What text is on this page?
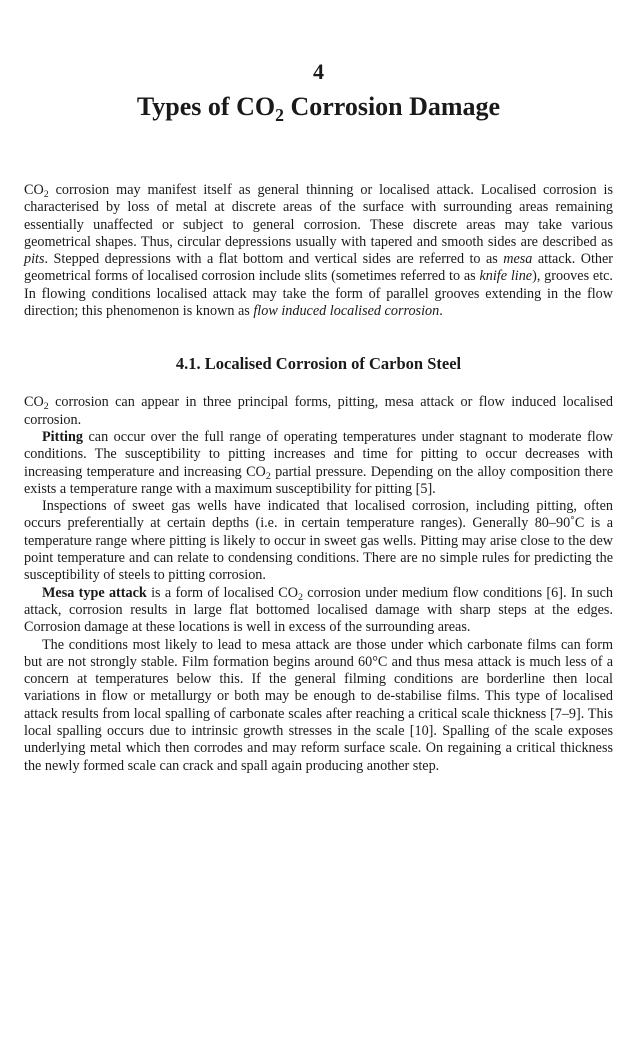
4
Types of $CO_2$ Corrosion Damage

$CO_2$ corrosion may manifest itself as general thinning or localised attack. Localised corrosion is characterised by loss of metal at discrete areas of the surface with surrounding areas remaining essentially unaffected or subject to general corrosion. These discrete areas may take various geometrical shapes. Thus, circular depressions usually with tapered and smooth sides are described as pits. Stepped depressions with a flat bottom and vertical sides are referred to as mesa attack. Other geometrical forms of localised corrosion include slits (sometimes referred to as knife line), grooves etc. In flowing conditions localised attack may take the form of parallel grooves extending in the flow direction; this phenomenon is known as flow induced localised corrosion.

4.1. Localised Corrosion of Carbon Steel

$CO_2$ corrosion can appear in three principal forms, pitting, mesa attack or flow induced localised corrosion.

Pitting can occur over the full range of operating temperatures under stagnant to moderate flow conditions. The susceptibility to pitting increases and time for pitting to occur decreases with increasing temperature and increasing $CO_2$ partial pressure. Depending on the alloy composition there exists a temperature range with a maximum susceptibility for pitting [5].

Inspections of sweet gas wells have indicated that localised corrosion, including pitting, often occurs preferentially at certain depths (i.e. in certain temperature ranges). Generally 80–90˚C is a temperature range where pitting is likely to occur in sweet gas wells. Pitting may arise close to the dew point temperature and can relate to condensing conditions. There are no simple rules for predicting the susceptibility of steels to pitting corrosion.

Mesa type attack is a form of localised $CO_2$ corrosion under medium flow conditions [6]. In such attack, corrosion results in large flat bottomed localised damage with sharp steps at the edges. Corrosion damage at these locations is well in excess of the surrounding areas.

The conditions most likely to lead to mesa attack are those under which carbonate films can form but are not strongly stable. Film formation begins around 60°C and thus mesa attack is much less of a concern at temperatures below this. If the general filming conditions are borderline then local variations in flow or metallurgy or both may be enough to de-stabilise films. This type of localised attack results from local spalling of carbonate scales after reaching a critical scale thickness [7–9]. This local spalling occurs due to intrinsic growth stresses in the scale [10]. Spalling of the scale exposes underlying metal which then corrodes and may reform surface scale. On regaining a critical thickness the newly formed scale can crack and spall again producing another step.
